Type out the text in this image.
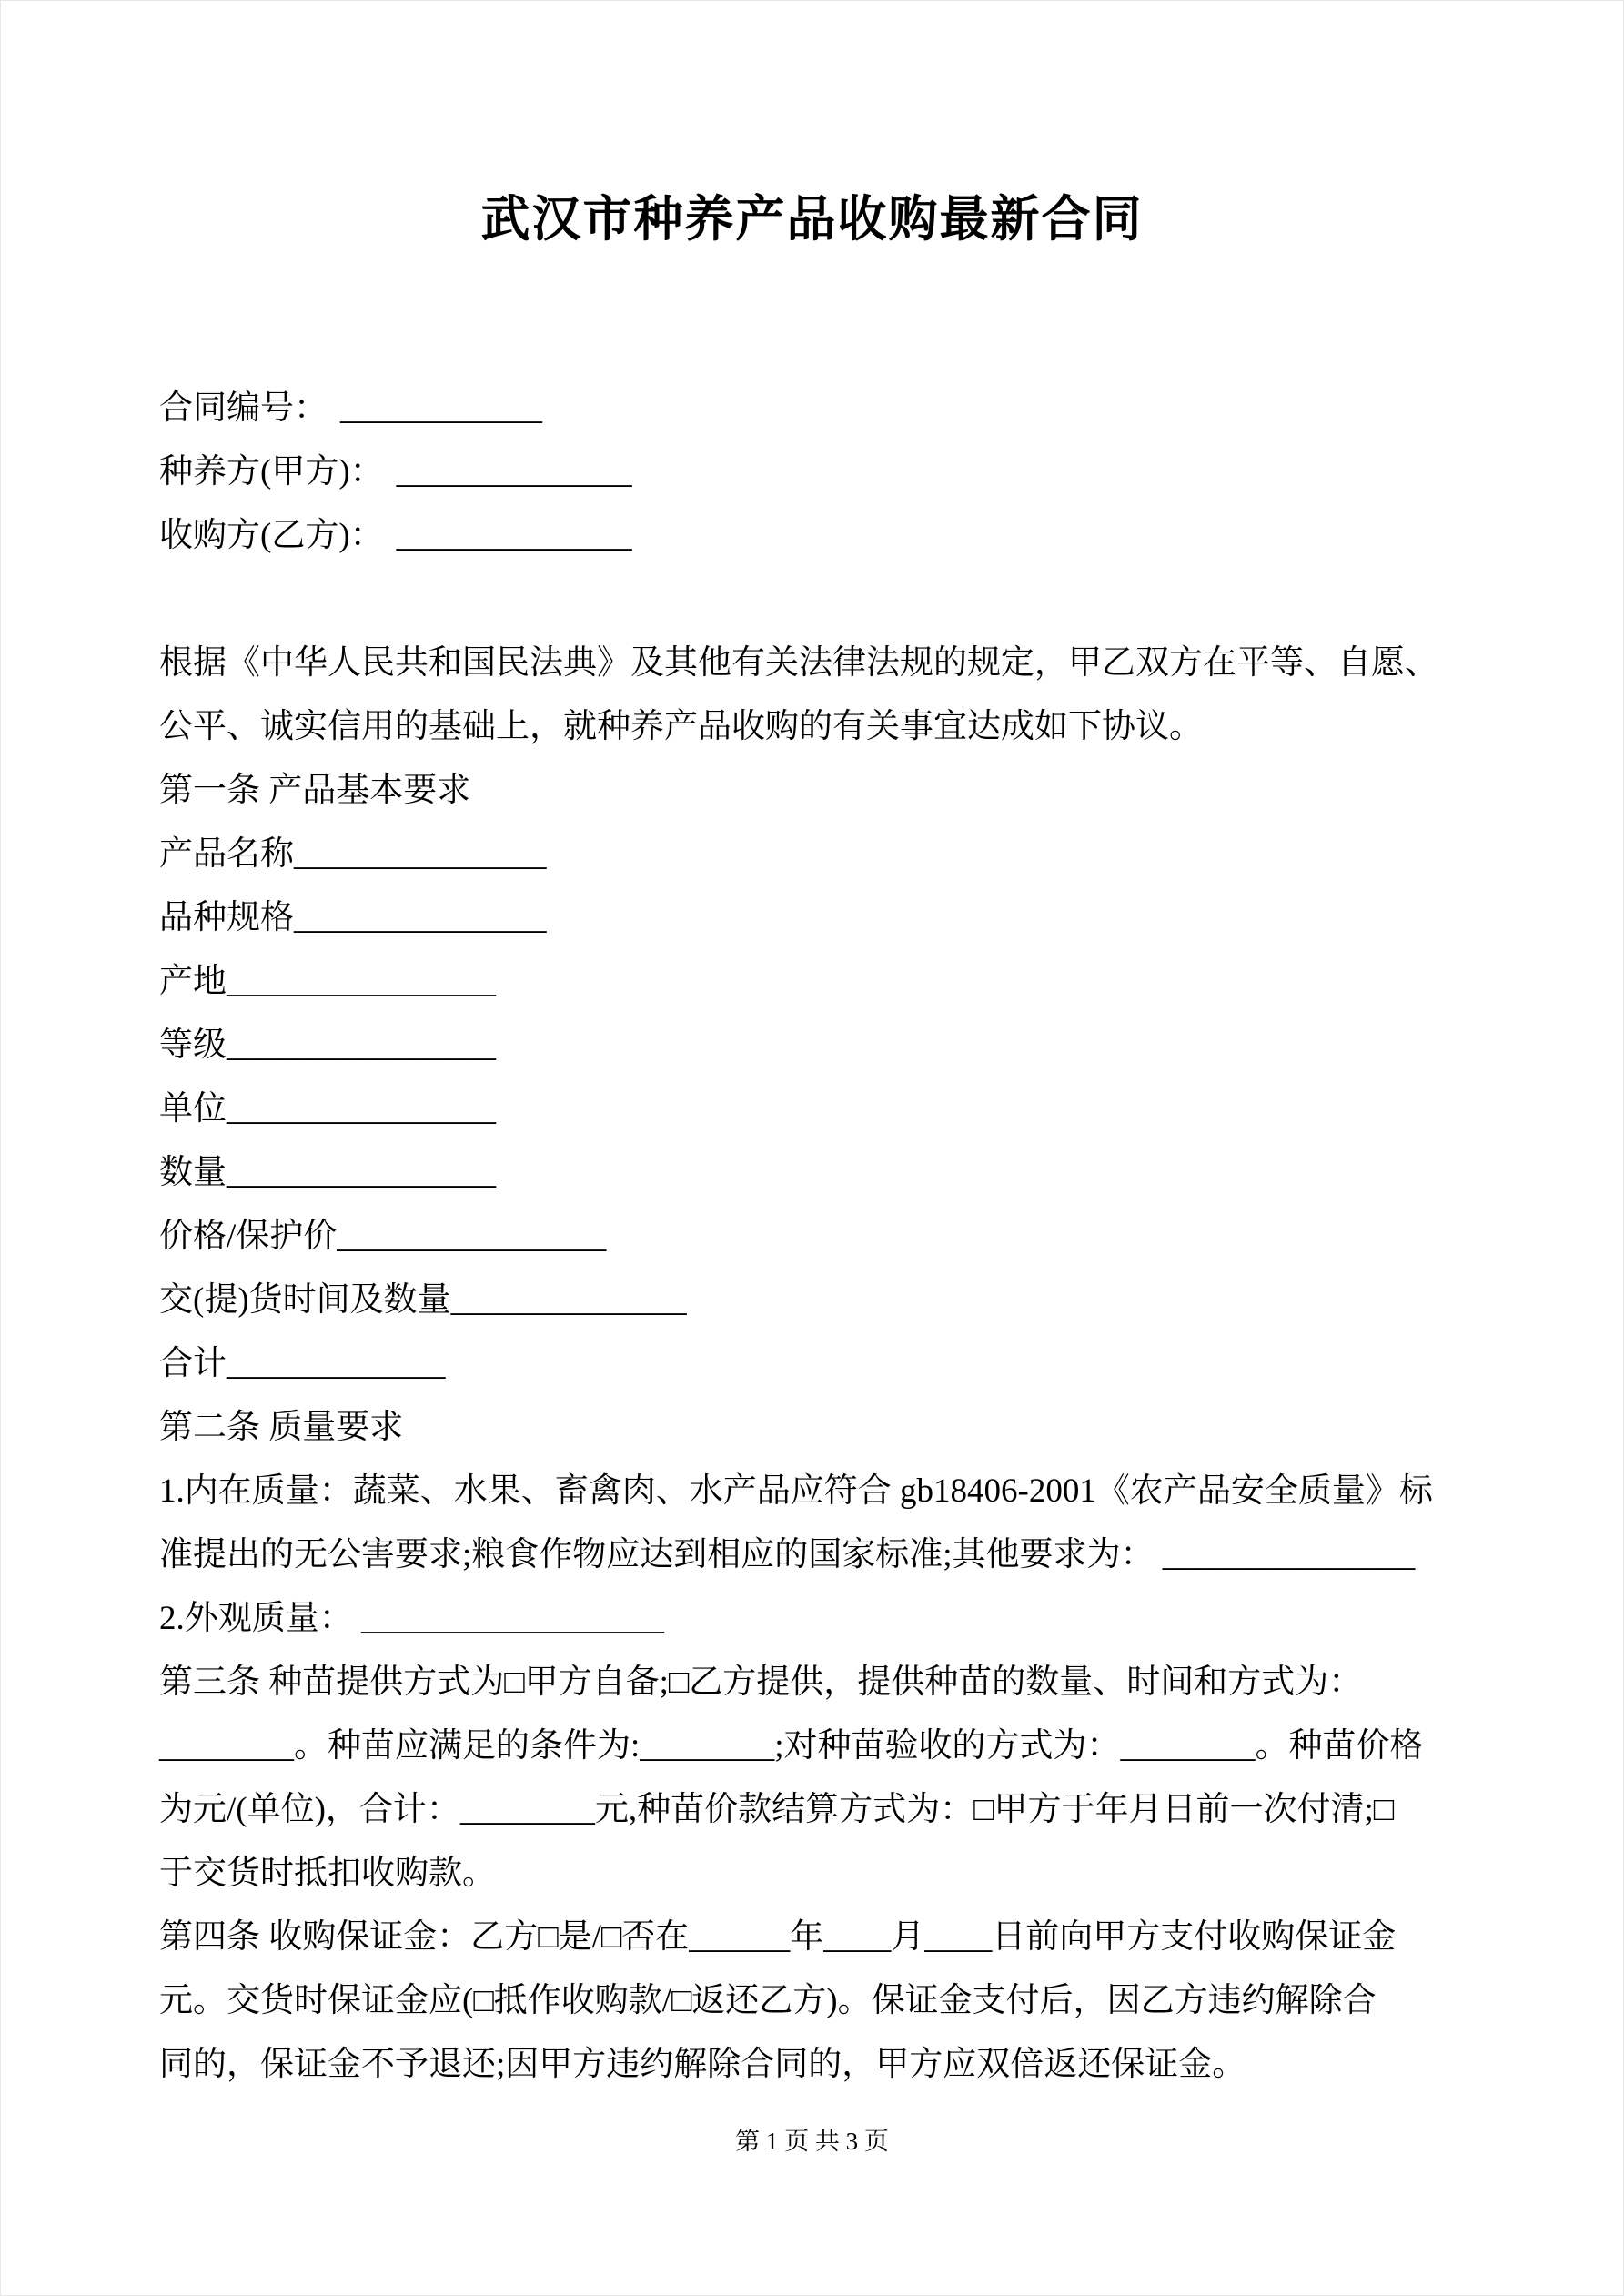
武汉市种养产品收购最新合同
合同编号： ____________
种养方(甲方)： ______________
收购方(乙方)： ______________
根据《中华人民共和国民法典》及其他有关法律法规的规定，甲乙双方在平等、自愿、
公平、诚实信用的基础上，就种养产品收购的有关事宜达成如下协议。
第一条 产品基本要求
产品名称_______________
品种规格_______________
产地________________
等级________________
单位________________
数量________________
价格/保护价________________
交(提)货时间及数量______________
合计_____________
第二条 质量要求
1.内在质量：蔬菜、水果、畜禽肉、水产品应符合 gb18406-2001《农产品安全质量》标
准提出的无公害要求;粮食作物应达到相应的国家标准;其他要求为： _______________
2.外观质量： __________________
第三条 种苗提供方式为□甲方自备;□乙方提供，提供种苗的数量、时间和方式为：
________。种苗应满足的条件为:________;对种苗验收的方式为：________。种苗价格
为元/(单位)，合计：________元,种苗价款结算方式为：□甲方于年月日前一次付清;□
于交货时抵扣收购款。
第四条 收购保证金：乙方□是/□否在______年____月____日前向甲方支付收购保证金
元。交货时保证金应(□抵作收购款/□返还乙方)。保证金支付后，因乙方违约解除合
同的，保证金不予退还;因甲方违约解除合同的，甲方应双倍返还保证金。
第 1 页 共 3 页
